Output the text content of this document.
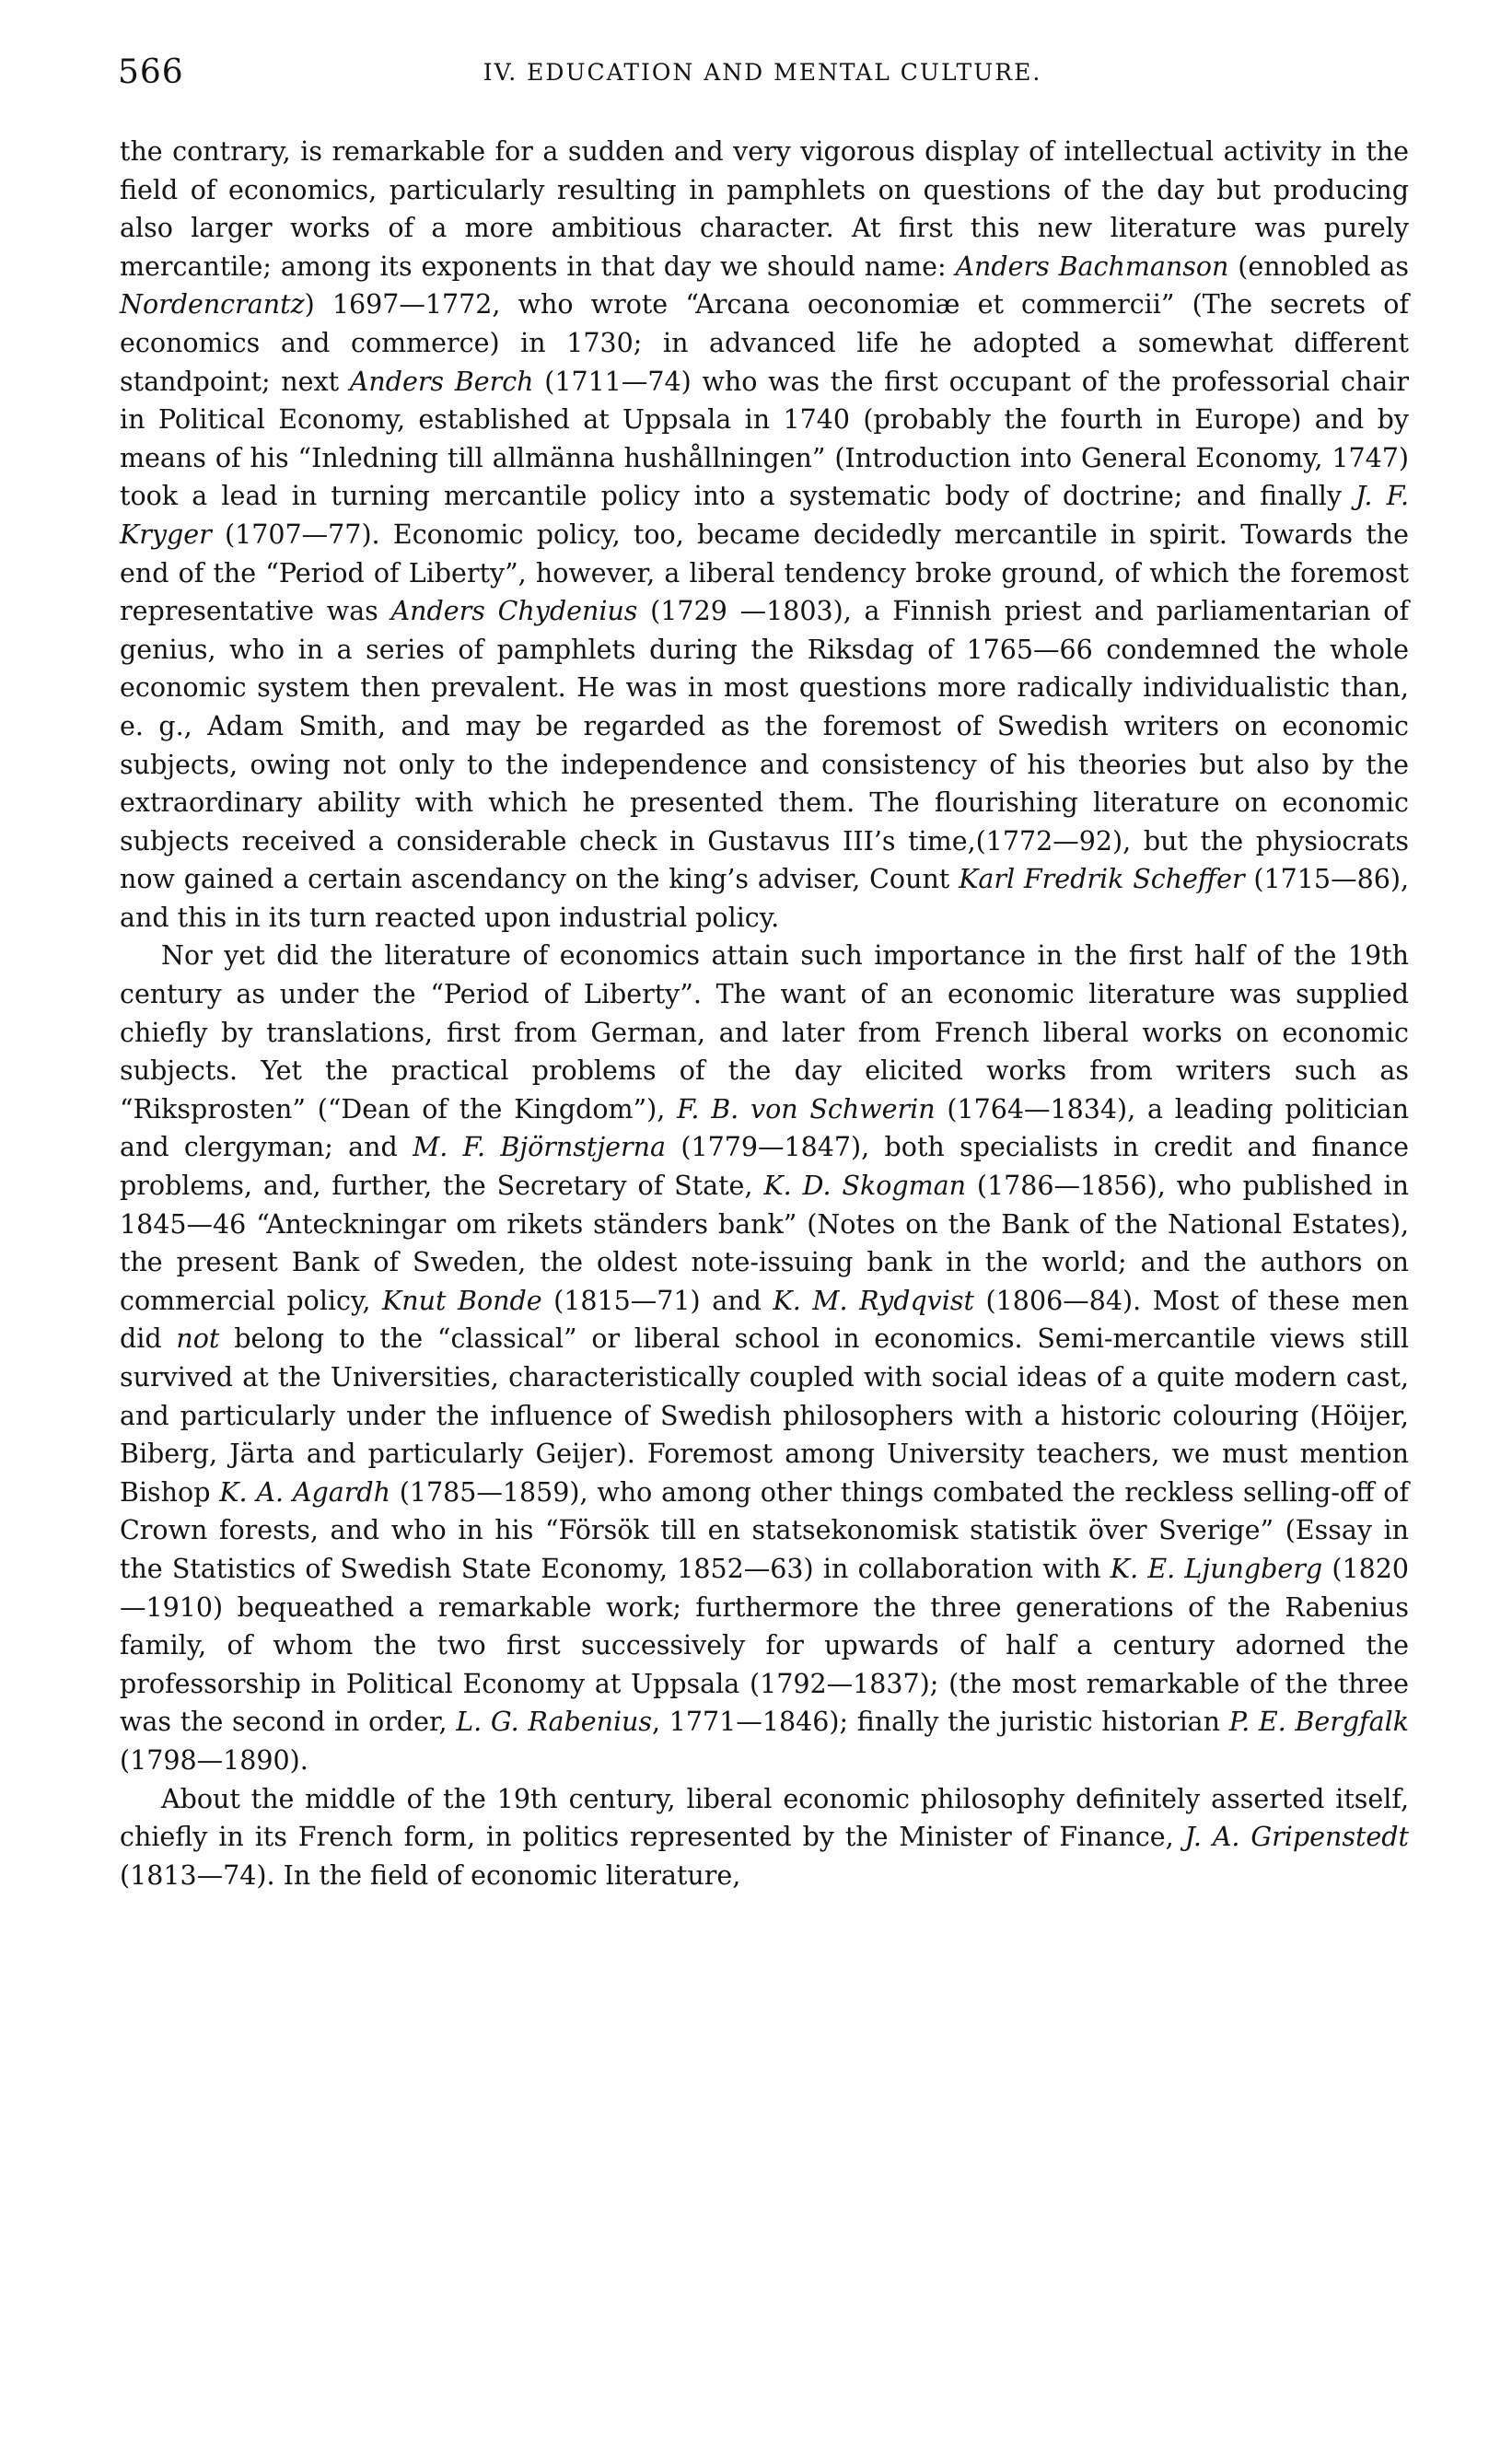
566	IV. EDUCATION AND MENTAL CULTURE.

the contrary, is remarkable for a sudden and very vigorous display of intellectual activity in the field of economics, particularly resulting in pamphlets on questions of the day but producing also larger works of a more ambitious character. At first this new literature was purely mercantile; among its exponents in that day we should name: Anders Bachmanson (ennobled as Nordencrantz) 1697—1772, who wrote “Arcana oeconomiæ et commercii” (The secrets of economics and commerce) in 1730; in advanced life he adopted a somewhat different standpoint; next Anders Berch (1711—74) who was the first occupant of the professorial chair in Political Economy, established at Uppsala in 1740 (probably the fourth in Europe) and by means of his “Inledning till allmänna hushållningen” (Introduction into General Economy, 1747) took a lead in turning mercantile policy into a systematic body of doctrine; and finally J. F. Kryger (1707—77). Economic policy, too, became decidedly mercantile in spirit. Towards the end of the “Period of Liberty”, however, a liberal tendency broke ground, of which the foremost representative was Anders Chydenius (1729 —1803), a Finnish priest and parliamentarian of genius, who in a series of pamphlets during the Riksdag of 1765—66 condemned the whole economic system then prevalent. He was in most questions more radically individualistic than, e. g., Adam Smith, and may be regarded as the foremost of Swedish writers on economic subjects, owing not only to the independence and consistency of his theories but also by the extraordinary ability with which he presented them. The flourishing literature on economic subjects received a considerable check in Gustavus III’s time,(1772—92), but the physiocrats now gained a certain ascendancy on the king’s adviser, Count Karl Fredrik Scheffer (1715—86), and this in its turn reacted upon industrial policy.

Nor yet did the literature of economics attain such importance in the first half of the 19th century as under the “Period of Liberty”. The want of an economic literature was supplied chiefly by translations, first from German, and later from French liberal works on economic subjects. Yet the practical problems of the day elicited works from writers such as “Riksprosten” (“Dean of the Kingdom”), F. B. von Schwerin (1764—1834), a leading politician and clergyman; and M. F. Björnstjerna (1779—1847), both specialists in credit and finance problems, and, further, the Secretary of State, K. D. Skogman (1786—1856), who published in 1845—46 “Anteckningar om rikets ständers bank” (Notes on the Bank of the National Estates), the present Bank of Sweden, the oldest note-issuing bank in the world; and the authors on commercial policy, Knut Bonde (1815—71) and K. M. Rydqvist (1806—84). Most of these men did not belong to the “classical” or liberal school in economics. Semi-mercantile views still survived at the Universities, characteristically coupled with social ideas of a quite modern cast, and particularly under the influence of Swedish philosophers with a historic colouring (Höijer, Biberg, Järta and particularly Geijer). Foremost among University teachers, we must mention Bishop K. A. Agardh (1785—1859), who among other things combated the reckless selling-off of Crown forests, and who in his “Försök till en statsekonomisk statistik över Sverige” (Essay in the Statistics of Swedish State Economy, 1852—63) in collaboration with K. E. Ljungberg (1820—1910) bequeathed a remarkable work; furthermore the three generations of the Rabenius family, of whom the two first successively for upwards of half a century adorned the professorship in Political Economy at Uppsala (1792—1837); (the most remarkable of the three was the second in order, L. G. Rabenius, 1771—1846); finally the juristic historian P. E. Bergfalk (1798—1890).

About the middle of the 19th century, liberal economic philosophy definitely asserted itself, chiefly in its French form, in politics represented by the Minister of Finance, J. A. Gripenstedt (1813—74). In the field of economic literature,
